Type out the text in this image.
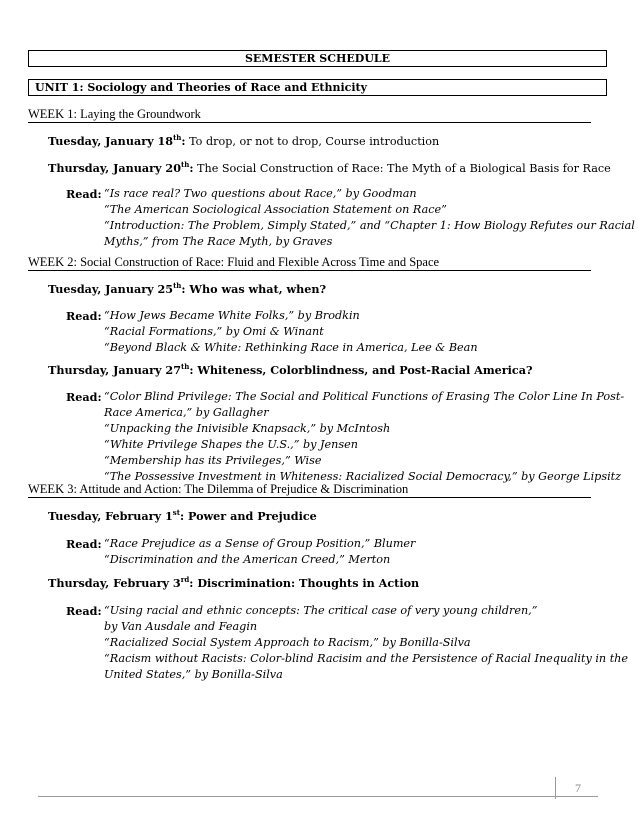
SEMESTER SCHEDULE
UNIT 1: Sociology and Theories of Race and Ethnicity
WEEK 1: Laying the Groundwork
Tuesday, January 18th: To drop, or not to drop, Course introduction
Thursday, January 20th: The Social Construction of Race: The Myth of a Biological Basis for Race
Read: “Is race real? Two questions about Race,” by Goodman
“The American Sociological Association Statement on Race”
“Introduction: The Problem, Simply Stated,” and “Chapter 1: How Biology Refutes our Racial
Myths,” from The Race Myth, by Graves
WEEK 2: Social Construction of Race: Fluid and Flexible Across Time and Space
Tuesday, January 25th: Who was what, when?
Read: “How Jews Became White Folks,” by Brodkin
“Racial Formations,” by Omi & Winant
“Beyond Black & White: Rethinking Race in America, Lee & Bean
Thursday, January 27th: Whiteness, Colorblindness, and Post-Racial America?
Read: “Color Blind Privilege: The Social and Political Functions of Erasing The Color Line In Post-
Race America,” by Gallagher
“Unpacking the Inivisible Knapsack,” by McIntosh
“White Privilege Shapes the U.S.,” by Jensen
“Membership has its Privileges,” Wise
“The Possessive Investment in Whiteness: Racialized Social Democracy,” by George Lipsitz
WEEK 3: Attitude and Action: The Dilemma of Prejudice & Discrimination
Tuesday, February 1st: Power and Prejudice
Read: “Race Prejudice as a Sense of Group Position,” Blumer
“Discrimination and the American Creed,” Merton
Thursday, February 3rd: Discrimination: Thoughts in Action
Read: “Using racial and ethnic concepts: The critical case of very young children,”
by Van Ausdale and Feagin
“Racialized Social System Approach to Racism,” by Bonilla-Silva
“Racism without Racists: Color-blind Racisim and the Persistence of Racial Inequality in the
United States,” by Bonilla-Silva
7
